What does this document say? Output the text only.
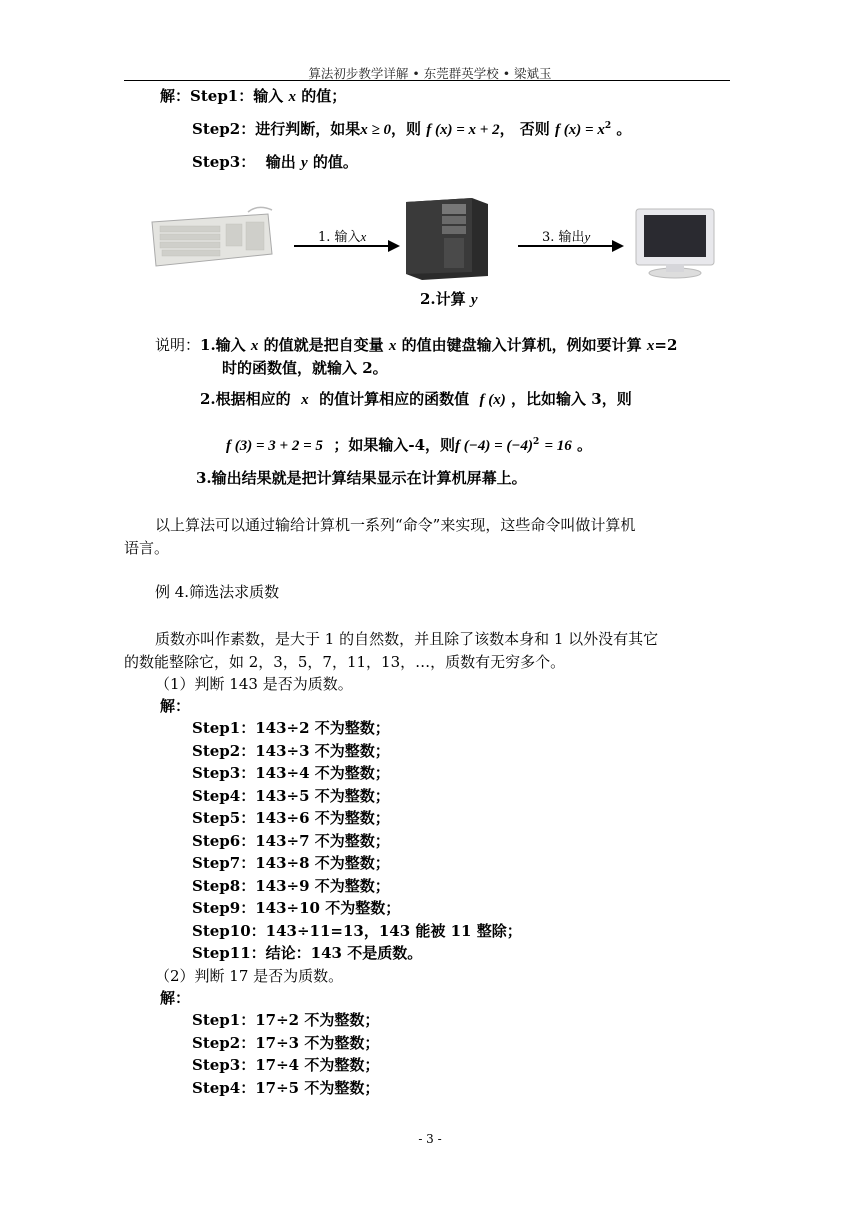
算法初步教学详解 • 东莞群英学校 • 梁斌玉
解：Step1：输入 x 的值；
Step2：进行判断，如果x ≥ 0，则 f (x) = x + 2， 否则 f $(x) = x^2$ 。
Step3： 输出 y 的值。
1. 输入x	3. 输出y
2.计算 y
说明：1.输入 x 的值就是把自变量 x 的值由键盘输入计算机，例如要计算 x=2
时的函数值，就输入 2。
2.根据相应的 x 的值计算相应的函数值 f (x) ，比如输入 3，则
f (3) = 3 + 2 = 5 ；如果输入-4，则f $(-4) = (-4)^2 = 16$ 。
3.输出结果就是把计算结果显示在计算机屏幕上。
以上算法可以通过输给计算机一系列“命令”来实现，这些命令叫做计算机
语言。
例 4.筛选法求质数
质数亦叫作素数，是大于 1 的自然数，并且除了该数本身和 1 以外没有其它
的数能整除它，如 2，3，5，7，11，13，…，质数有无穷多个。
（1）判断 143 是否为质数。
解：
Step1：143÷2 不为整数；
Step2：143÷3 不为整数；
Step3：143÷4 不为整数；
Step4：143÷5 不为整数；
Step5：143÷6 不为整数；
Step6：143÷7 不为整数；
Step7：143÷8 不为整数；
Step8：143÷9 不为整数；
Step9：143÷10 不为整数；
Step10：143÷11=13，143 能被 11 整除；
Step11：结论：143 不是质数。
（2）判断 17 是否为质数。
解：
Step1：17÷2 不为整数；
Step2：17÷3 不为整数；
Step3：17÷4 不为整数；
Step4：17÷5 不为整数；
- 3 -
